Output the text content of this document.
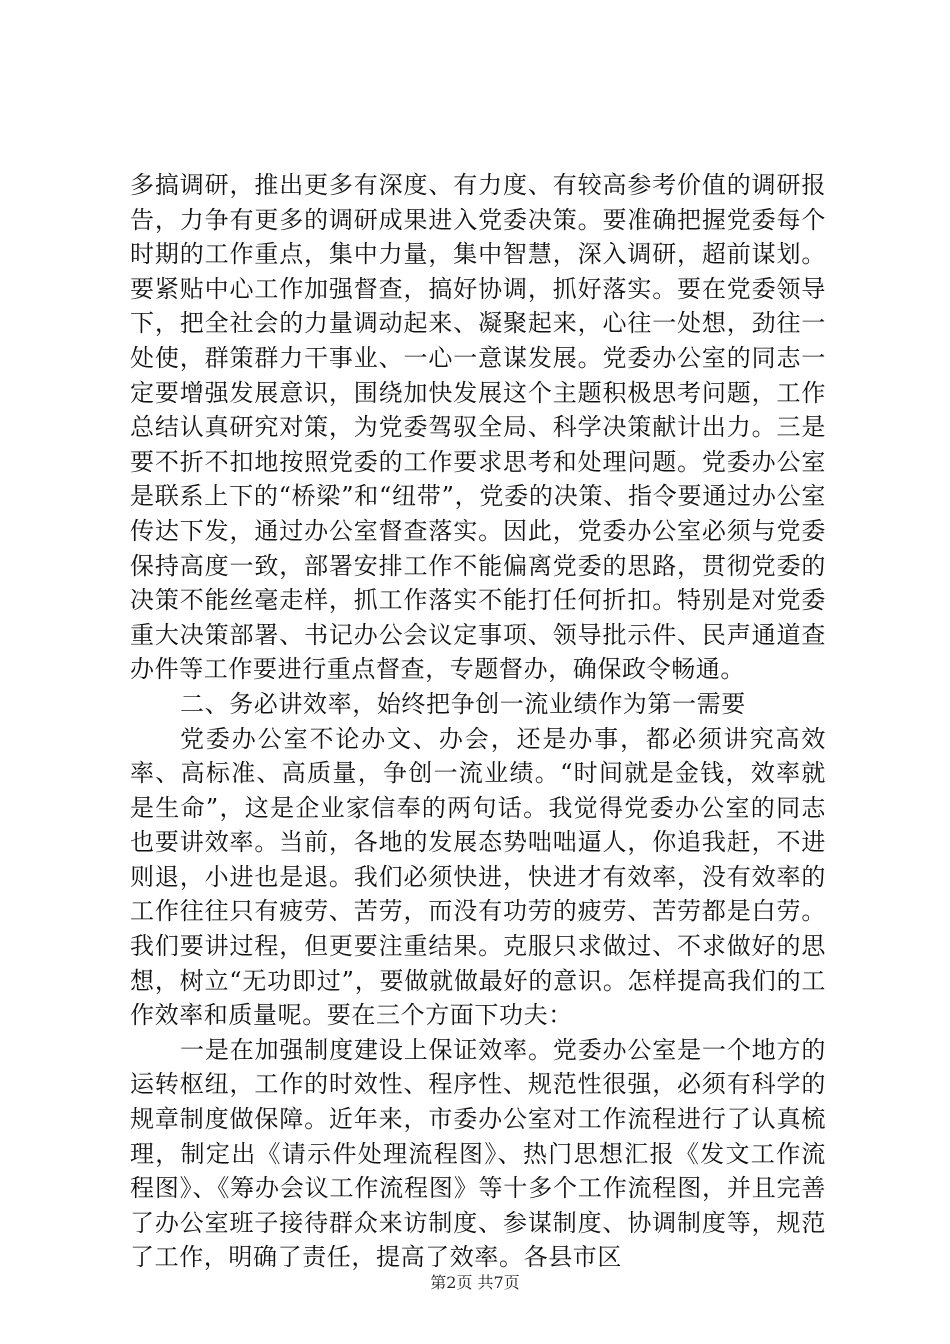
多搞调研，推出更多有深度、有力度、有较高参考价值的调研报告，力争有更多的调研成果进入党委决策。要准确把握党委每个时期的工作重点，集中力量，集中智慧，深入调研，超前谋划。要紧贴中心工作加强督查，搞好协调，抓好落实。要在党委领导下，把全社会的力量调动起来、凝聚起来，心往一处想，劲往一处使，群策群力干事业、一心一意谋发展。党委办公室的同志一定要增强发展意识，围绕加快发展这个主题积极思考问题，工作总结认真研究对策，为党委驾驭全局、科学决策献计出力。三是要不折不扣地按照党委的工作要求思考和处理问题。党委办公室是联系上下的“桥梁”和“纽带”，党委的决策、指令要通过办公室传达下发，通过办公室督查落实。因此，党委办公室必须与党委保持高度一致，部署安排工作不能偏离党委的思路，贯彻党委的决策不能丝毫走样，抓工作落实不能打任何折扣。特别是对党委重大决策部署、书记办公会议定事项、领导批示件、民声通道查办件等工作要进行重点督查，专题督办，确保政令畅通。

二、务必讲效率，始终把争创一流业绩作为第一需要

党委办公室不论办文、办会，还是办事，都必须讲究高效率、高标准、高质量，争创一流业绩。“时间就是金钱，效率就是生命”，这是企业家信奉的两句话。我觉得党委办公室的同志也要讲效率。当前，各地的发展态势咄咄逼人，你追我赶，不进则退，小进也是退。我们必须快进，快进才有效率，没有效率的工作往往只有疲劳、苦劳，而没有功劳的疲劳、苦劳都是白劳。我们要讲过程，但更要注重结果。克服只求做过、不求做好的思想，树立“无功即过”，要做就做最好的意识。怎样提高我们的工作效率和质量呢。要在三个方面下功夫：

一是在加强制度建设上保证效率。党委办公室是一个地方的运转枢纽，工作的时效性、程序性、规范性很强，必须有科学的规章制度做保障。近年来，市委办公室对工作流程进行了认真梳理，制定出《请示件处理流程图》、热门思想汇报《发文工作流程图》、《筹办会议工作流程图》等十多个工作流程图，并且完善了办公室班子接待群众来访制度、参谋制度、协调制度等，规范了工作，明确了责任，提高了效率。各县市区

第2页 共7页
